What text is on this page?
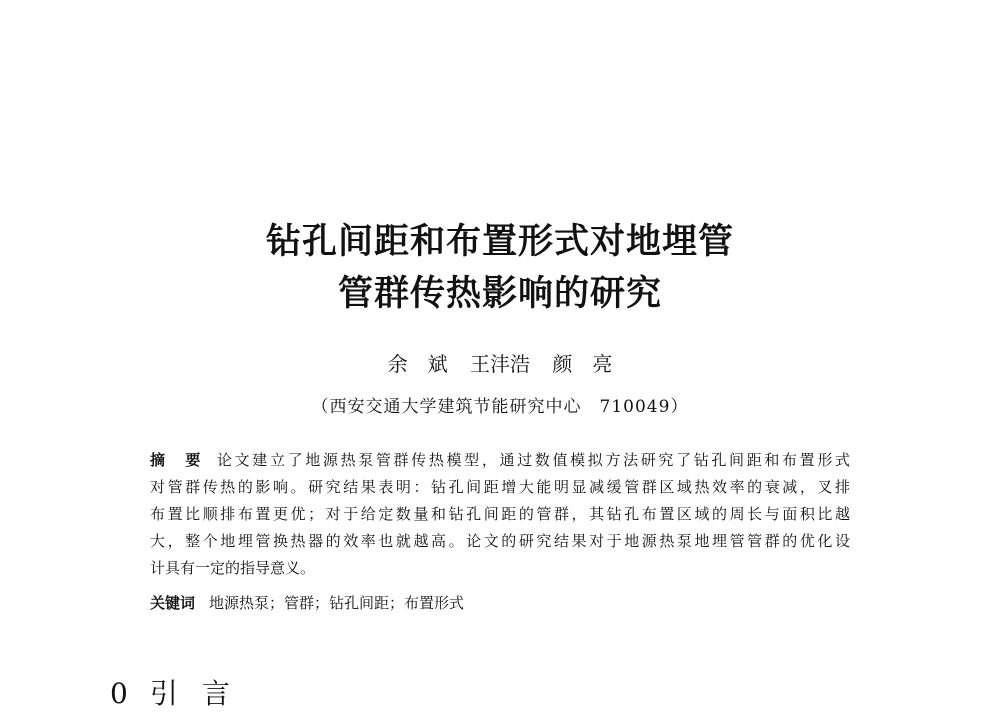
钻孔间距和布置形式对地埋管
管群传热影响的研究
余　斌 王沣浩 颜　亮
（西安交通大学建筑节能研究中心　710049）
摘　要 论文建立了地源热泵管群传热模型，通过数值模拟方法研究了钻孔间距和布置形式
对管群传热的影响。研究结果表明：钻孔间距增大能明显减缓管群区域热效率的衰减，叉排
布置比顺排布置更优；对于给定数量和钻孔间距的管群，其钻孔布置区域的周长与面积比越
大，整个地埋管换热器的效率也就越高。论文的研究结果对于地源热泵地埋管管群的优化设
计具有一定的指导意义。
关键词 地源热泵；管群；钻孔间距；布置形式
0 引言
